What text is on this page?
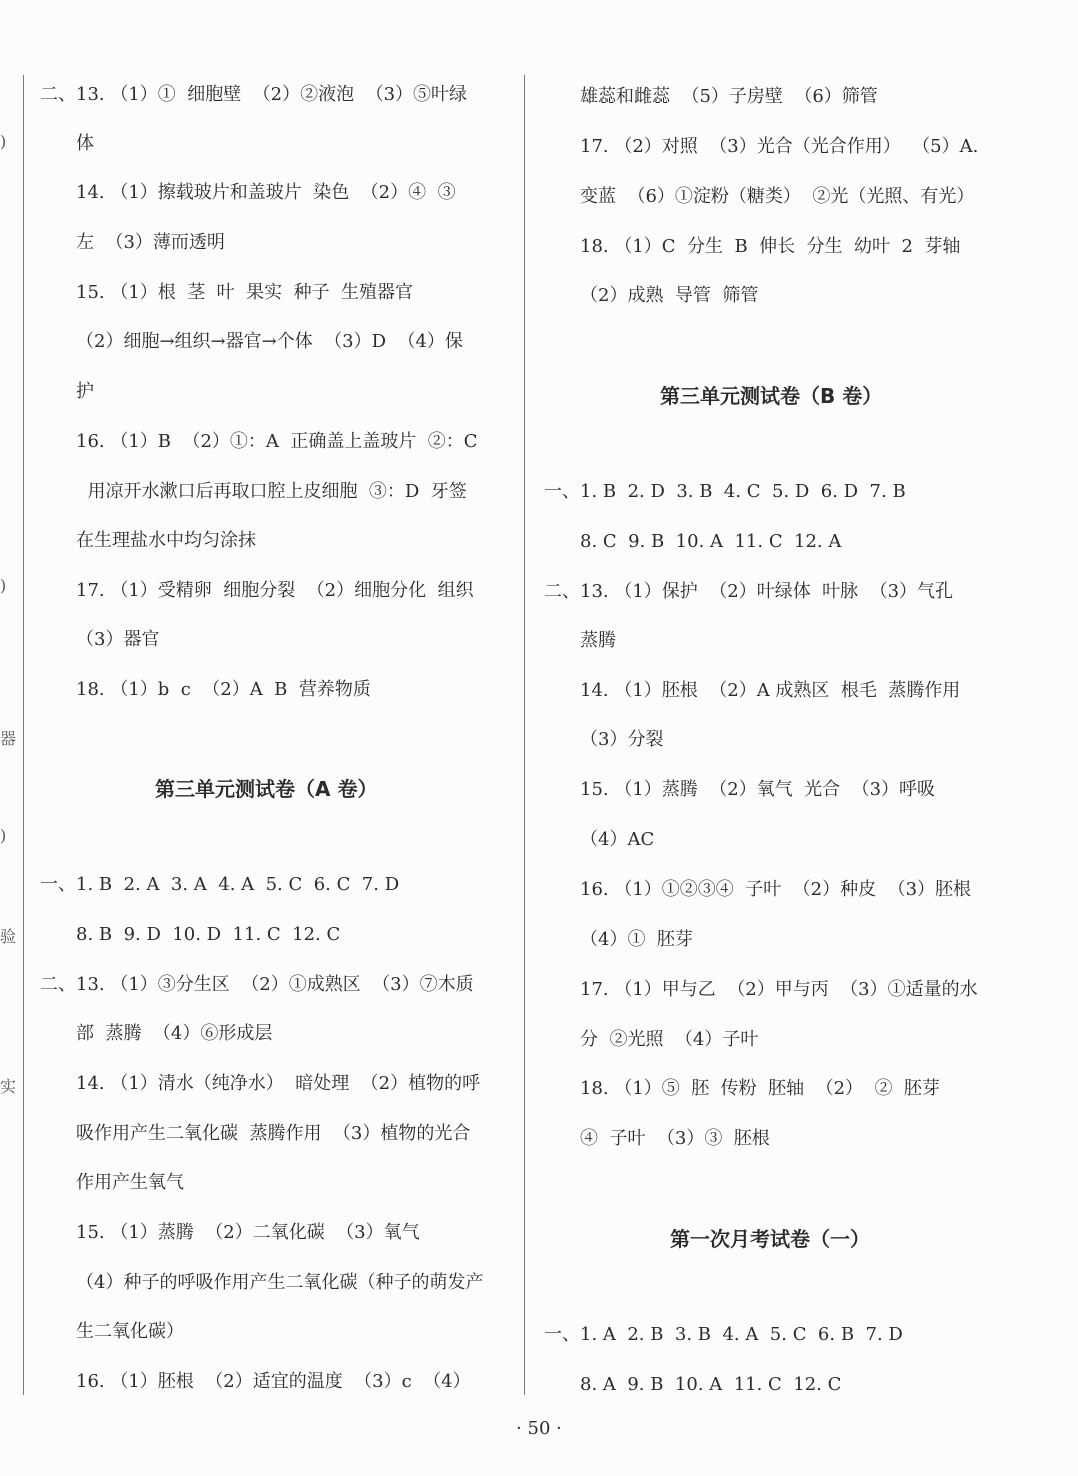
)
)
器
)
验
实
二、13. （1）①  细胞壁  （2）②液泡  （3）⑤叶绿
体
14. （1）擦载玻片和盖玻片  染色  （2）④  ③
左  （3）薄而透明
15. （1）根  茎  叶  果实  种子  生殖器官
（2）细胞→组织→器官→个体  （3）D  （4）保
护
16. （1）B  （2）①：A  正确盖上盖玻片  ②：C
用凉开水漱口后再取口腔上皮细胞  ③：D  牙签
在生理盐水中均匀涂抹
17. （1）受精卵  细胞分裂  （2）细胞分化  组织
（3）器官
18. （1）b  c  （2）A  B  营养物质
第三单元测试卷（A 卷）
一、1. B  2. A  3. A  4. A  5. C  6. C  7. D
8. B  9. D  10. D  11. C  12. C
二、13. （1）③分生区  （2）①成熟区  （3）⑦木质
部  蒸腾  （4）⑥形成层
14. （1）清水（纯净水）  暗处理  （2）植物的呼
吸作用产生二氧化碳  蒸腾作用  （3）植物的光合
作用产生氧气
15. （1）蒸腾  （2）二氧化碳  （3）氧气
（4）种子的呼吸作用产生二氧化碳（种子的萌发产
生二氧化碳）
16. （1）胚根  （2）适宜的温度  （3）c  （4）
雄蕊和雌蕊  （5）子房壁  （6）筛管
17. （2）对照  （3）光合（光合作用）  （5）A.
变蓝  （6）①淀粉（糖类）  ②光（光照、有光）
18. （1）C  分生  B  伸长  分生  幼叶  2  芽轴
（2）成熟  导管  筛管
第三单元测试卷（B 卷）
一、1. B  2. D  3. B  4. C  5. D  6. D  7. B
8. C  9. B  10. A  11. C  12. A
二、13. （1）保护  （2）叶绿体  叶脉  （3）气孔
蒸腾
14. （1）胚根  （2）A 成熟区  根毛  蒸腾作用
（3）分裂
15. （1）蒸腾  （2）氧气  光合  （3）呼吸
（4）AC
16. （1）①②③④  子叶  （2）种皮  （3）胚根
（4）①  胚芽
17. （1）甲与乙  （2）甲与丙  （3）①适量的水
分  ②光照  （4）子叶
18. （1）⑤  胚  传粉  胚轴  （2）  ②  胚芽
④  子叶  （3）③  胚根
第一次月考试卷（一）
一、1. A  2. B  3. B  4. A  5. C  6. B  7. D
8. A  9. B  10. A  11. C  12. C
· 50 ·
